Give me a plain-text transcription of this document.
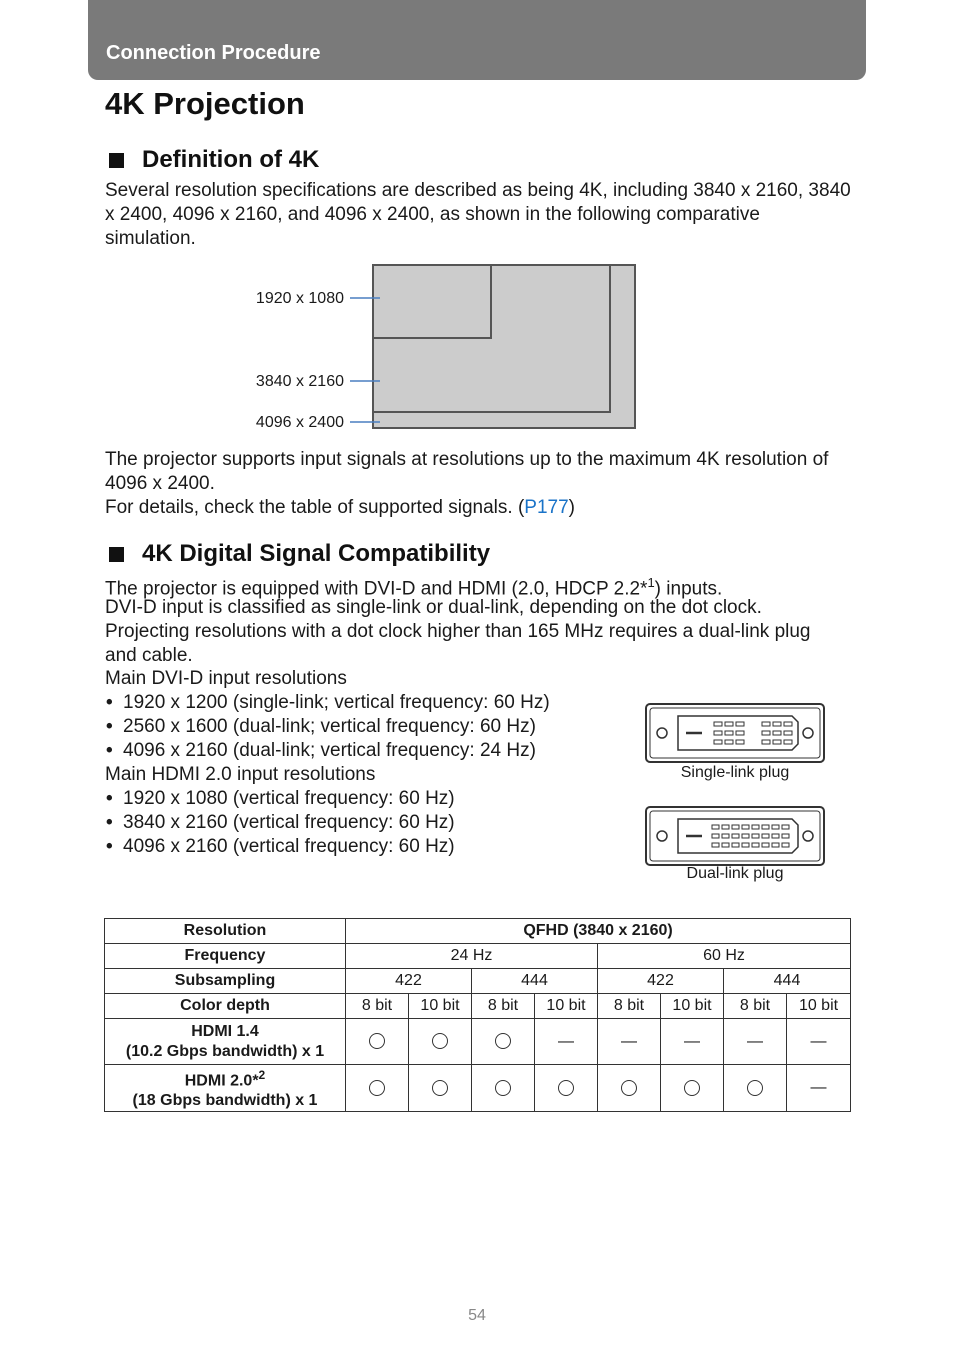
Connection Procedure
4K Projection
Definition of 4K

Several resolution specifications are described as being 4K, including 3840 x 2160, 3840 x 2400, 4096 x 2160, and 4096 x 2400, as shown in the following comparative simulation.

1920 x 1080
3840 x 2160
4096 x 2400

The projector supports input signals at resolutions up to the maximum 4K resolution of 4096 x 2400.

For details, check the table of supported signals. (P177)

4K Digital Signal Compatibility

The projector is equipped with DVI-D and HDMI (2.0, HDCP 2.2*$^1$) inputs.

DVI-D input is classified as single-link or dual-link, depending on the dot clock. Projecting resolutions with a dot clock higher than 165 MHz requires a dual-link plug and cable.

Main DVI-D input resolutions
• 1920 x 1200 (single-link; vertical frequency: 60 Hz)
• 2560 x 1600 (dual-link; vertical frequency: 60 Hz)
• 4096 x 2160 (dual-link; vertical frequency: 24 Hz)
Main HDMI 2.0 input resolutions
• 1920 x 1080 (vertical frequency: 60 Hz)
• 3840 x 2160 (vertical frequency: 60 Hz)
• 4096 x 2160 (vertical frequency: 60 Hz)
Single-link plug
Dual-link plug
Resolution	QFHD (3840 x 2160)							
Frequency	24 Hz				60 Hz			
Subsampling	422		444		422		444	
Color depth	8 bit	10 bit	8 bit	10 bit	8 bit	10 bit	8 bit	10 bit
HDMI 1.4
(10.2 Gbps bandwidth) x 1				—	—	—	—	—
HDMI 2.0*$^2$
(18 Gbps bandwidth) x 1								—
54
